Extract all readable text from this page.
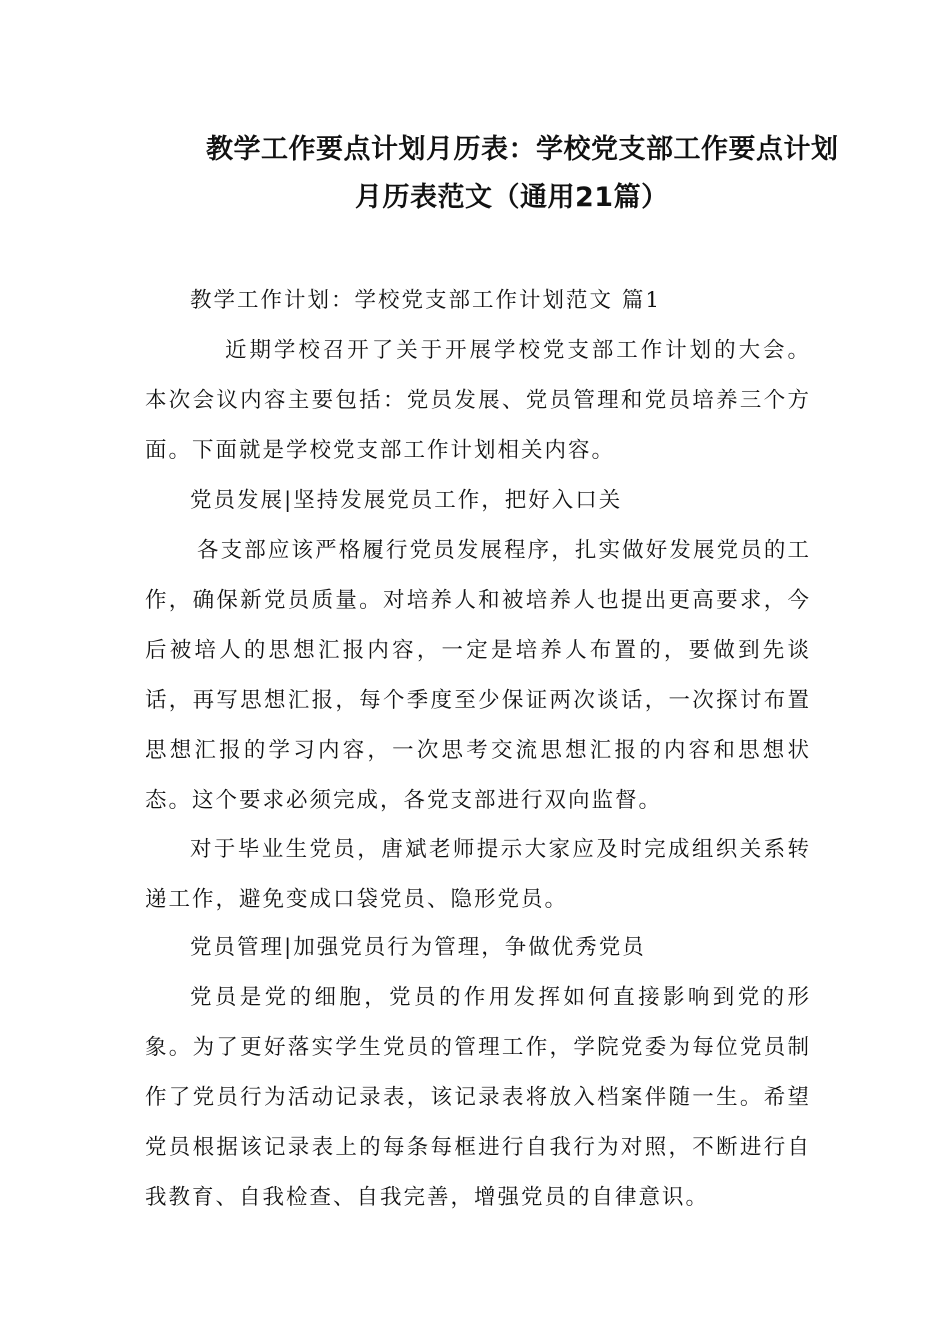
教学工作要点计划月历表：学校党支部工作要点计划
月历表范文（通用21篇）

教学工作计划：学校党支部工作计划范文 篇1

近期学校召开了关于开展学校党支部工作计划的大会。本次会议内容主要包括：党员发展、党员管理和党员培养三个方面。下面就是学校党支部工作计划相关内容。

党员发展|坚持发展党员工作，把好入口关

各支部应该严格履行党员发展程序，扎实做好发展党员的工作，确保新党员质量。对培养人和被培养人也提出更高要求，今后被培人的思想汇报内容，一定是培养人布置的，要做到先谈话，再写思想汇报，每个季度至少保证两次谈话，一次探讨布置思想汇报的学习内容，一次思考交流思想汇报的内容和思想状态。这个要求必须完成，各党支部进行双向监督。

对于毕业生党员，唐斌老师提示大家应及时完成组织关系转递工作，避免变成口袋党员、隐形党员。

党员管理|加强党员行为管理，争做优秀党员

党员是党的细胞，党员的作用发挥如何直接影响到党的形象。为了更好落实学生党员的管理工作，学院党委为每位党员制作了党员行为活动记录表，该记录表将放入档案伴随一生。希望党员根据该记录表上的每条每框进行自我行为对照，不断进行自我教育、自我检查、自我完善，增强党员的自律意识。
